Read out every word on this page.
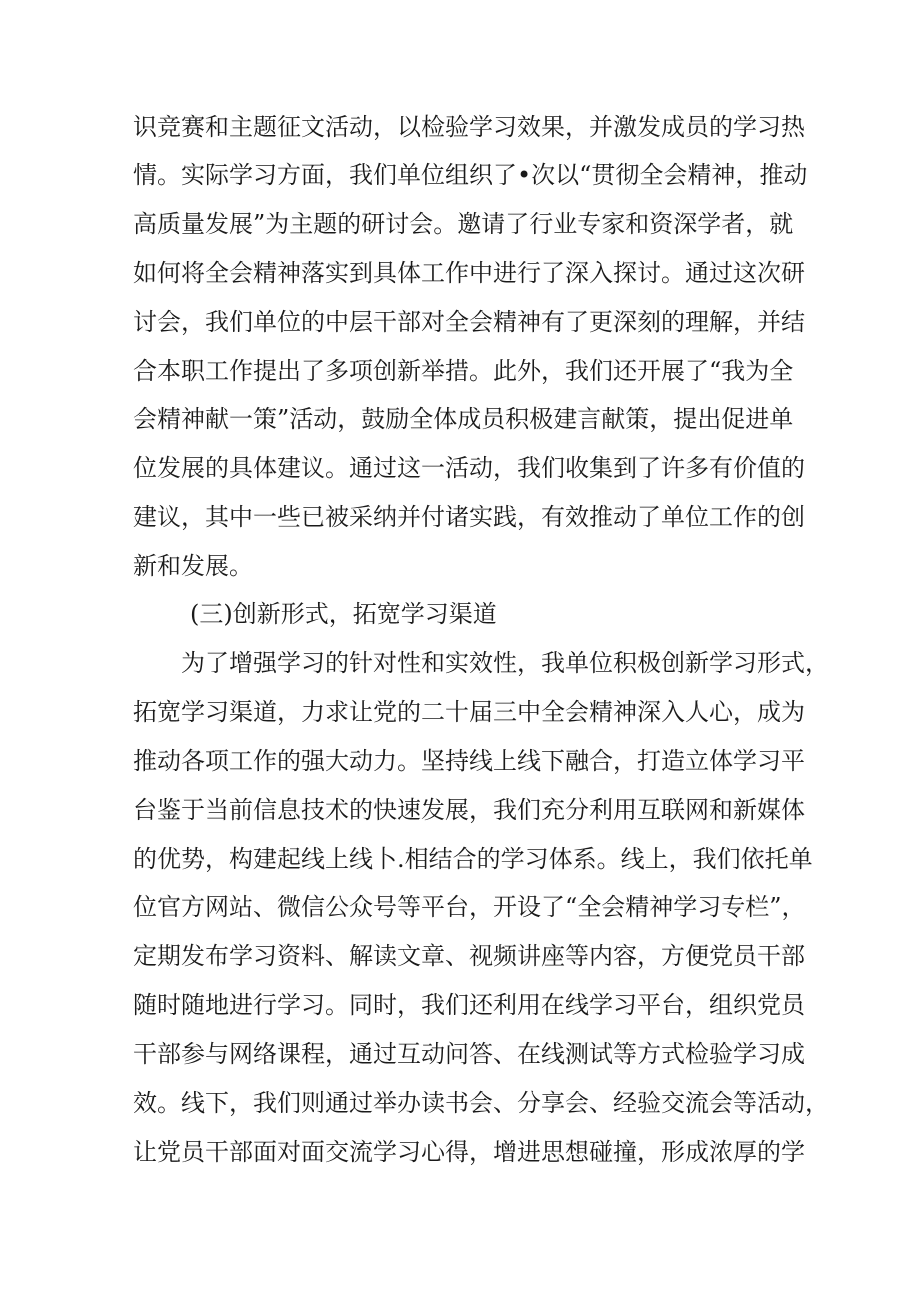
识竞赛和主题征文活动，以检验学习效果，并激发成员的学习热
情。实际学习方面，我们单位组织了•次以“贯彻全会精神，推动
高质量发展”为主题的研讨会。邀请了行业专家和资深学者，就
如何将全会精神落实到具体工作中进行了深入探讨。通过这次研
讨会，我们单位的中层干部对全会精神有了更深刻的理解，并结
合本职工作提出了多项创新举措。此外，我们还开展了“我为全
会精神献一策”活动，鼓励全体成员积极建言献策，提出促进单
位发展的具体建议。通过这一活动，我们收集到了许多有价值的
建议，其中一些已被采纳并付诸实践，有效推动了单位工作的创
新和发展。
(三)创新形式，拓宽学习渠道
为了增强学习的针对性和实效性，我单位积极创新学习形式，
拓宽学习渠道，力求让党的二十届三中全会精神深入人心，成为
推动各项工作的强大动力。坚持线上线下融合，打造立体学习平
台鉴于当前信息技术的快速发展，我们充分利用互联网和新媒体
的优势，构建起线上线卜.相结合的学习体系。线上，我们依托单
位官方网站、微信公众号等平台，开设了“全会精神学习专栏”，
定期发布学习资料、解读文章、视频讲座等内容，方便党员干部
随时随地进行学习。同时，我们还利用在线学习平台，组织党员
干部参与网络课程，通过互动问答、在线测试等方式检验学习成
效。线下，我们则通过举办读书会、分享会、经验交流会等活动，
让党员干部面对面交流学习心得，增进思想碰撞，形成浓厚的学
